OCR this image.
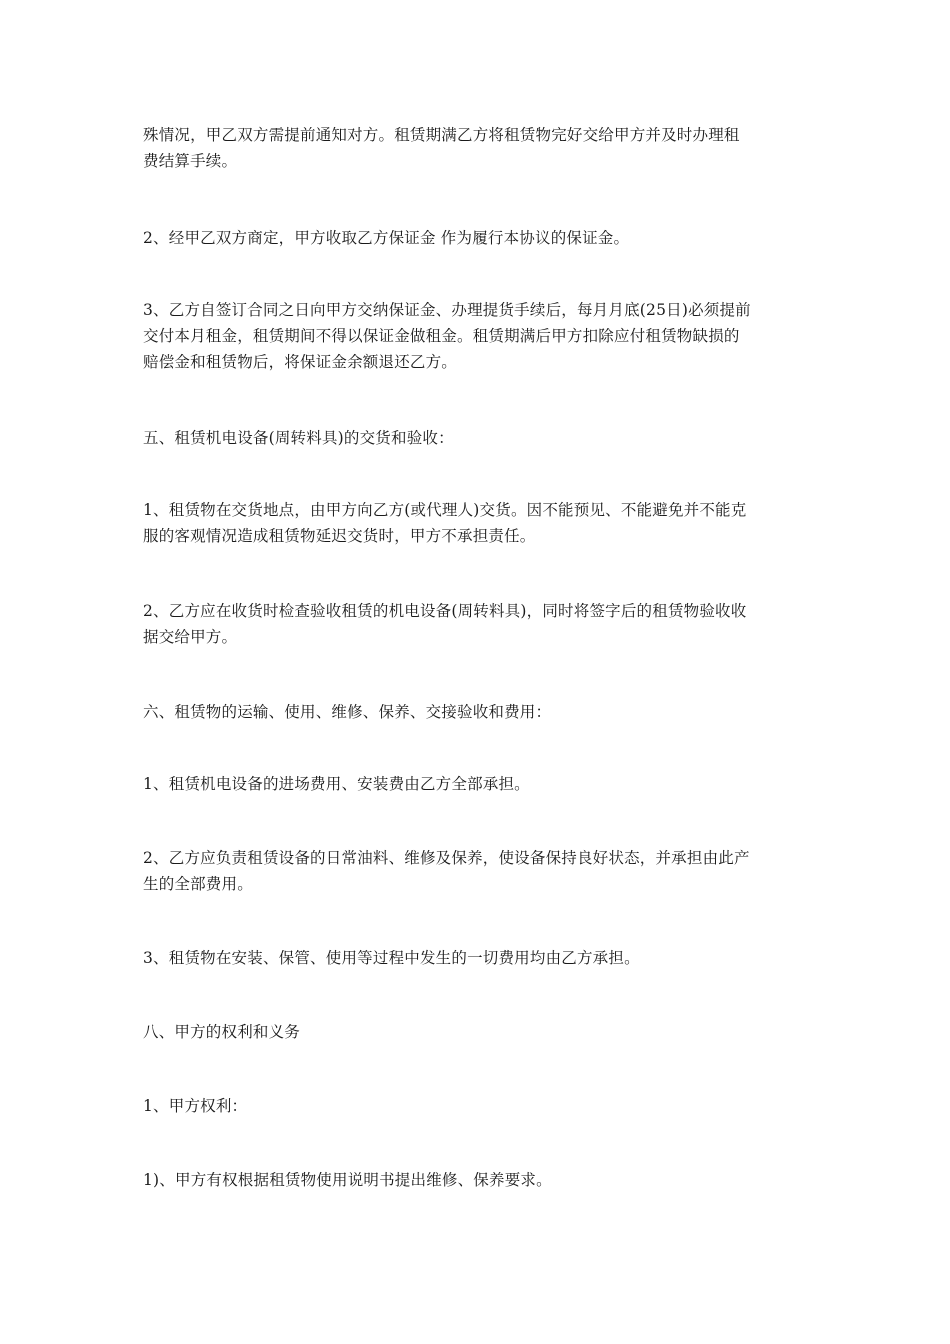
殊情况，甲乙双方需提前通知对方。租赁期满乙方将租赁物完好交给甲方并及时办理租
费结算手续。

2、经甲乙双方商定，甲方收取乙方保证金 作为履行本协议的保证金。

3、乙方自签订合同之日向甲方交纳保证金、办理提货手续后，每月月底(25日)必须提前
交付本月租金，租赁期间不得以保证金做租金。租赁期满后甲方扣除应付租赁物缺损的
赔偿金和租赁物后，将保证金余额退还乙方。

五、租赁机电设备(周转料具)的交货和验收：

1、租赁物在交货地点，由甲方向乙方(或代理人)交货。因不能预见、不能避免并不能克
服的客观情况造成租赁物延迟交货时，甲方不承担责任。

2、乙方应在收货时检查验收租赁的机电设备(周转料具)，同时将签字后的租赁物验收收
据交给甲方。

六、租赁物的运输、使用、维修、保养、交接验收和费用：

1、租赁机电设备的进场费用、安装费由乙方全部承担。

2、乙方应负责租赁设备的日常油料、维修及保养，使设备保持良好状态，并承担由此产
生的全部费用。

3、租赁物在安装、保管、使用等过程中发生的一切费用均由乙方承担。

八、甲方的权利和义务

1、甲方权利：

1)、甲方有权根据租赁物使用说明书提出维修、保养要求。
